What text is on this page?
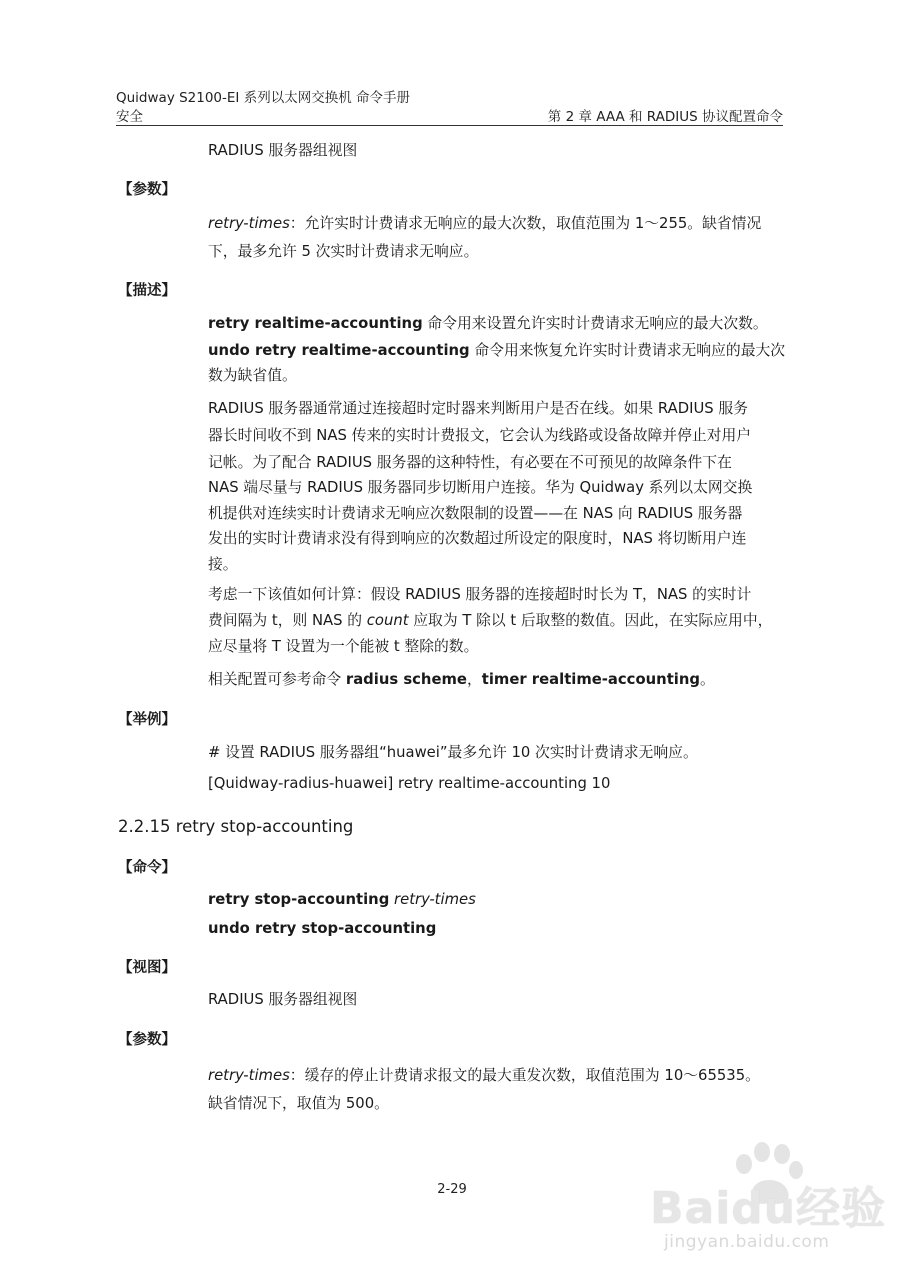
Quidway S2100-EI 系列以太网交换机 命令手册
安全	第 2 章 AAA 和 RADIUS 协议配置命令
RADIUS 服务器组视图
【参数】
retry-times：允许实时计费请求无响应的最大次数，取值范围为 1～255。缺省情况
下，最多允许 5 次实时计费请求无响应。
【描述】
retry realtime-accounting 命令用来设置允许实时计费请求无响应的最大次数。
undo retry realtime-accounting 命令用来恢复允许实时计费请求无响应的最大次
数为缺省值。
RADIUS 服务器通常通过连接超时定时器来判断用户是否在线。如果 RADIUS 服务
器长时间收不到 NAS 传来的实时计费报文，它会认为线路或设备故障并停止对用户
记帐。为了配合 RADIUS 服务器的这种特性，有必要在不可预见的故障条件下在
NAS 端尽量与 RADIUS 服务器同步切断用户连接。华为 Quidway 系列以太网交换
机提供对连续实时计费请求无响应次数限制的设置——在 NAS 向 RADIUS 服务器
发出的实时计费请求没有得到响应的次数超过所设定的限度时，NAS 将切断用户连
接。
考虑一下该值如何计算：假设 RADIUS 服务器的连接超时时长为 T，NAS 的实时计
费间隔为 t，则 NAS 的 count 应取为 T 除以 t 后取整的数值。因此，在实际应用中，
应尽量将 T 设置为一个能被 t 整除的数。
相关配置可参考命令 radius scheme，timer realtime-accounting。
【举例】
# 设置 RADIUS 服务器组“huawei”最多允许 10 次实时计费请求无响应。
[Quidway-radius-huawei] retry realtime-accounting 10
2.2.15 retry stop-accounting
【命令】
retry stop-accounting retry-times
undo retry stop-accounting
【视图】
RADIUS 服务器组视图
【参数】
retry-times：缓存的停止计费请求报文的最大重发次数，取值范围为 10～65535。
缺省情况下，取值为 500。
2-29	Baidu经验
jingyan.baidu.com
